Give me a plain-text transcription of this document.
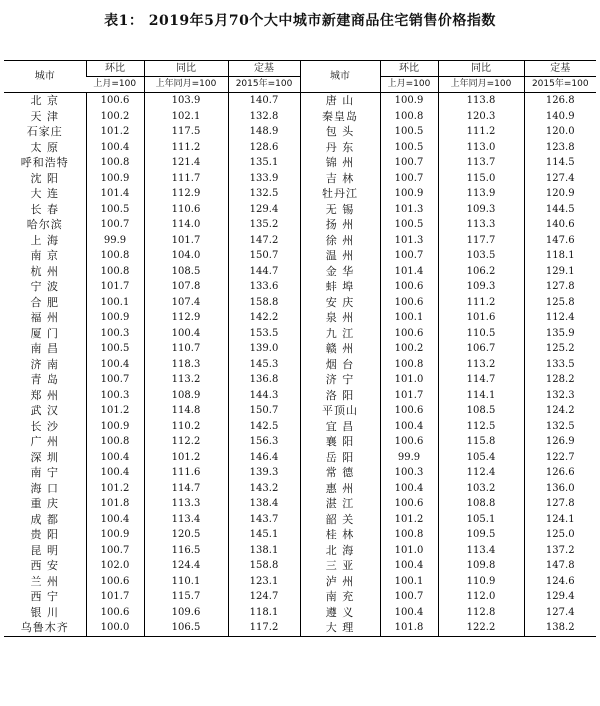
表1： 2019年5月70个大中城市新建商品住宅销售价格指数
城市	环比	同比	定基	城市	环比	同比	定基
	上月=100	上年同月=100	2015年=100		上月=100	上年同月=100	2015年=100
北 京	100.6	103.9	140.7	唐 山	100.9	113.8	126.8
天 津	100.2	102.1	132.8	秦皇岛	100.8	120.3	140.9
石家庄	101.2	117.5	148.9	包 头	100.5	111.2	120.0
太 原	100.4	111.2	128.6	丹 东	100.5	113.0	123.8
呼和浩特	100.8	121.4	135.1	锦 州	100.7	113.7	114.5
沈 阳	100.9	111.7	133.9	吉 林	100.7	115.0	127.4
大 连	101.4	112.9	132.5	牡丹江	100.9	113.9	120.9
长 春	100.5	110.6	129.4	无 锡	101.3	109.3	144.5
哈尔滨	100.7	114.0	135.2	扬 州	100.5	113.3	140.6
上 海	99.9	101.7	147.2	徐 州	101.3	117.7	147.6
南 京	100.8	104.0	150.7	温 州	100.7	103.5	118.1
杭 州	100.8	108.5	144.7	金 华	101.4	106.2	129.1
宁 波	101.7	107.8	133.6	蚌 埠	100.6	109.3	127.8
合 肥	100.1	107.4	158.8	安 庆	100.6	111.2	125.8
福 州	100.9	112.9	142.2	泉 州	100.1	101.6	112.4
厦 门	100.3	100.4	153.5	九 江	100.6	110.5	135.9
南 昌	100.5	110.7	139.0	赣 州	100.2	106.7	125.2
济 南	100.4	118.3	145.3	烟 台	100.8	113.2	133.5
青 岛	100.7	113.2	136.8	济 宁	101.0	114.7	128.2
郑 州	100.3	108.9	144.3	洛 阳	101.7	114.1	132.3
武 汉	101.2	114.8	150.7	平顶山	100.6	108.5	124.2
长 沙	100.9	110.2	142.5	宜 昌	100.4	112.5	132.5
广 州	100.8	112.2	156.3	襄 阳	100.6	115.8	126.9
深 圳	100.4	101.2	146.4	岳 阳	99.9	105.4	122.7
南 宁	100.4	111.6	139.3	常 德	100.3	112.4	126.6
海 口	101.2	114.7	143.2	惠 州	100.4	103.2	136.0
重 庆	101.8	113.3	138.4	湛 江	100.6	108.8	127.8
成 都	100.4	113.4	143.7	韶 关	101.2	105.1	124.1
贵 阳	100.9	120.5	145.1	桂 林	100.8	109.5	125.0
昆 明	100.7	116.5	138.1	北 海	101.0	113.4	137.2
西 安	102.0	124.4	158.8	三 亚	100.4	109.8	147.8
兰 州	100.6	110.1	123.1	泸 州	100.1	110.9	124.6
西 宁	101.7	115.7	124.7	南 充	100.7	112.0	129.4
银 川	100.6	109.6	118.1	遵 义	100.4	112.8	127.4
乌鲁木齐	100.0	106.5	117.2	大 理	101.8	122.2	138.2
